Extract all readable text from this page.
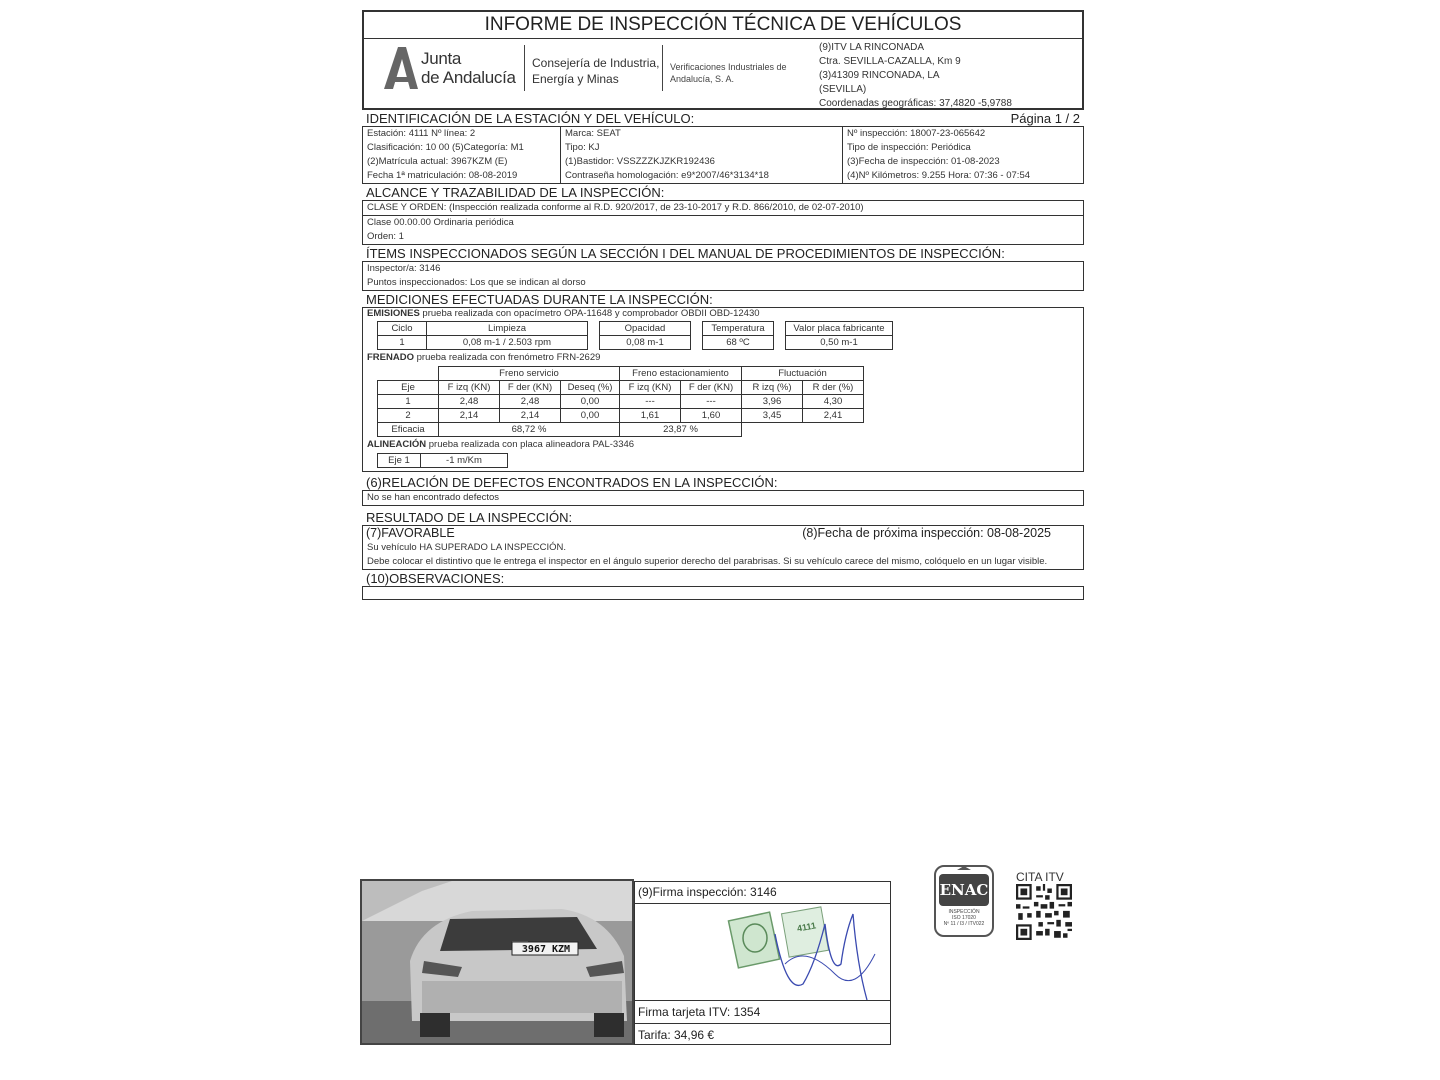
INFORME DE INSPECCIÓN TÉCNICA DE VEHÍCULOS
Junta
de Andalucía
Consejería de Industria,
Energía y Minas
Verificaciones Industriales de
Andalucía, S. A.
(9)ITV LA RINCONADA
Ctra. SEVILLA-CAZALLA, Km 9
(3)41309 RINCONADA, LA
(SEVILLA)
Coordenadas geográficas: 37,4820 -5,9788
IDENTIFICACIÓN DE LA ESTACIÓN Y DEL VEHÍCULO:	Página 1 / 2
Estación: 4111 Nº línea: 2
Clasificación: 10 00 (5)Categoría: M1
(2)Matrícula actual: 3967KZM (E)
Fecha 1ª matriculación: 08-08-2019
Marca: SEAT
Tipo: KJ
(1)Bastidor: VSSZZZKJZKR192436
Contraseña homologación: e9*2007/46*3134*18
Nº inspección: 18007-23-065642
Tipo de inspección: Periódica
(3)Fecha de inspección: 01-08-2023
(4)Nº Kilómetros: 9.255 Hora: 07:36 - 07:54
ALCANCE Y TRAZABILIDAD DE LA INSPECCIÓN:
CLASE Y ORDEN: (Inspección realizada conforme al R.D. 920/2017, de 23-10-2017 y R.D. 866/2010, de 02-07-2010)
Clase 00.00.00 Ordinaria periódica
Orden: 1
ÍTEMS INSPECCIONADOS SEGÚN LA SECCIÓN I DEL MANUAL DE PROCEDIMIENTOS DE INSPECCIÓN:
Inspector/a: 3146
Puntos inspeccionados: Los que se indican al dorso
MEDICIONES EFECTUADAS DURANTE LA INSPECCIÓN:
EMISIONES prueba realizada con opacímetro OPA-11648 y comprobador OBDII OBD-12430
Ciclo	Limpieza
1	0,08 m-1 / 2.503 rpm
Opacidad
0,08 m-1
Temperatura
68 ºC
Valor placa fabricante
0,50 m-1
FRENADO prueba realizada con frenómetro FRN-2629
	Freno servicio			Freno estacionamiento		Fluctuación	
Eje	F izq (KN)	F der (KN)	Deseq (%)	F izq (KN)	F der (KN)	R izq (%)	R der (%)
1	2,48	2,48	0,00	---	---	3,96	4,30
2	2,14	2,14	0,00	1,61	1,60	3,45	2,41
Eficacia	68,72 %			23,87 %			
ALINEACIÓN prueba realizada con placa alineadora PAL-3346
Eje 1	-1 m/Km
(6)RELACIÓN DE DEFECTOS ENCONTRADOS EN LA INSPECCIÓN:
No se han encontrado defectos
RESULTADO DE LA INSPECCIÓN:
(7)FAVORABLE	(8)Fecha de próxima inspección: 08-08-2025
Su vehículo HA SUPERADO LA INSPECCIÓN.
Debe colocar el distintivo que le entrega el inspector en el ángulo superior derecho del parabrisas. Si su vehículo carece del mismo, colóquelo en un lugar visible.
(10)OBSERVACIONES:
3967 KZM
(9)Firma inspección: 3146
4111
Firma tarjeta ITV: 1354
Tarifa: 34,96 €
ENAC
INSPECCIÓN
ISO 17020
Nº 11 / I3 / ITV022
CITA ITV
